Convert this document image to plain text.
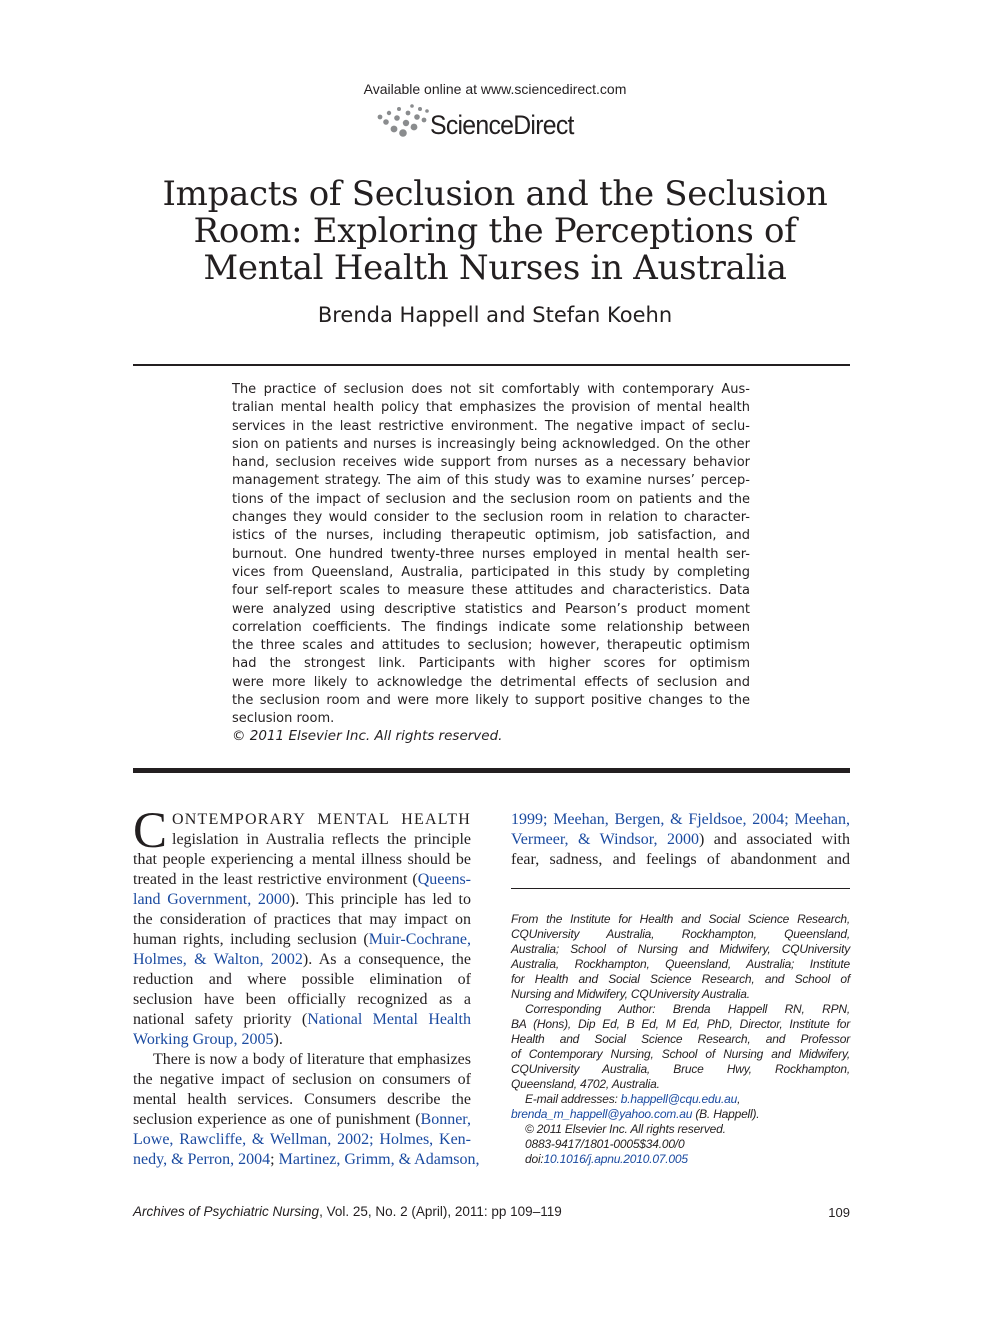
Available online at www.sciencedirect.com
ScienceDirect
Impacts of Seclusion and the Seclusion
Room: Exploring the Perceptions of
Mental Health Nurses in Australia
Brenda Happell and Stefan Koehn
The practice of seclusion does not sit comfortably with contemporary Aus-
tralian mental health policy that emphasizes the provision of mental health
services in the least restrictive environment. The negative impact of seclu-
sion on patients and nurses is increasingly being acknowledged. On the other
hand, seclusion receives wide support from nurses as a necessary behavior
management strategy. The aim of this study was to examine nurses’ percep-
tions of the impact of seclusion and the seclusion room on patients and the
changes they would consider to the seclusion room in relation to character-
istics of the nurses, including therapeutic optimism, job satisfaction, and
burnout. One hundred twenty-three nurses employed in mental health ser-
vices from Queensland, Australia, participated in this study by completing
four self-report scales to measure these attitudes and characteristics. Data
were analyzed using descriptive statistics and Pearson’s product moment
correlation coefficients. The findings indicate some relationship between
the three scales and attitudes to seclusion; however, therapeutic optimism
had the strongest link. Participants with higher scores for optimism
were more likely to acknowledge the detrimental effects of seclusion and
the seclusion room and were more likely to support positive changes to the
seclusion room.
© 2011 Elsevier Inc. All rights reserved.
C ONTEMPORARY MENTAL HEALTH
legislation in Australia reflects the principle
that people experiencing a mental illness should be
treated in the least restrictive environment (Queens-
land Government, 2000). This principle has led to
the consideration of practices that may impact on
human rights, including seclusion (Muir-Cochrane,
Holmes, & Walton, 2002). As a consequence, the
reduction and where possible elimination of
seclusion have been officially recognized as a
national safety priority (National Mental Health
Working Group, 2005).
There is now a body of literature that emphasizes
the negative impact of seclusion on consumers of
mental health services. Consumers describe the
seclusion experience as one of punishment (Bonner,
Lowe, Rawcliffe, & Wellman, 2002; Holmes, Ken-
nedy, & Perron, 2004; Martinez, Grimm, & Adamson,
1999; Meehan, Bergen, & Fjeldsoe, 2004; Meehan,
Vermeer, & Windsor, 2000) and associated with
fear, sadness, and feelings of abandonment and
From the Institute for Health and Social Science Research,
CQUniversity Australia, Rockhampton, Queensland,
Australia; School of Nursing and Midwifery, CQUniversity
Australia, Rockhampton, Queensland, Australia; Institute
for Health and Social Science Research, and School of
Nursing and Midwifery, CQUniversity Australia.
Corresponding Author: Brenda Happell RN, RPN,
BA (Hons), Dip Ed, B Ed, M Ed, PhD, Director, Institute for
Health and Social Science Research, and Professor
of Contemporary Nursing, School of Nursing and Midwifery,
CQUniversity Australia, Bruce Hwy, Rockhampton,
Queensland, 4702, Australia.
E-mail addresses: b.happell@cqu.edu.au,
brenda_m_happell@yahoo.com.au (B. Happell).
© 2011 Elsevier Inc. All rights reserved.
0883-9417/1801-0005$34.00/0
doi:10.1016/j.apnu.2010.07.005
Archives of Psychiatric Nursing, Vol. 25, No. 2 (April), 2011: pp 109–119	109
